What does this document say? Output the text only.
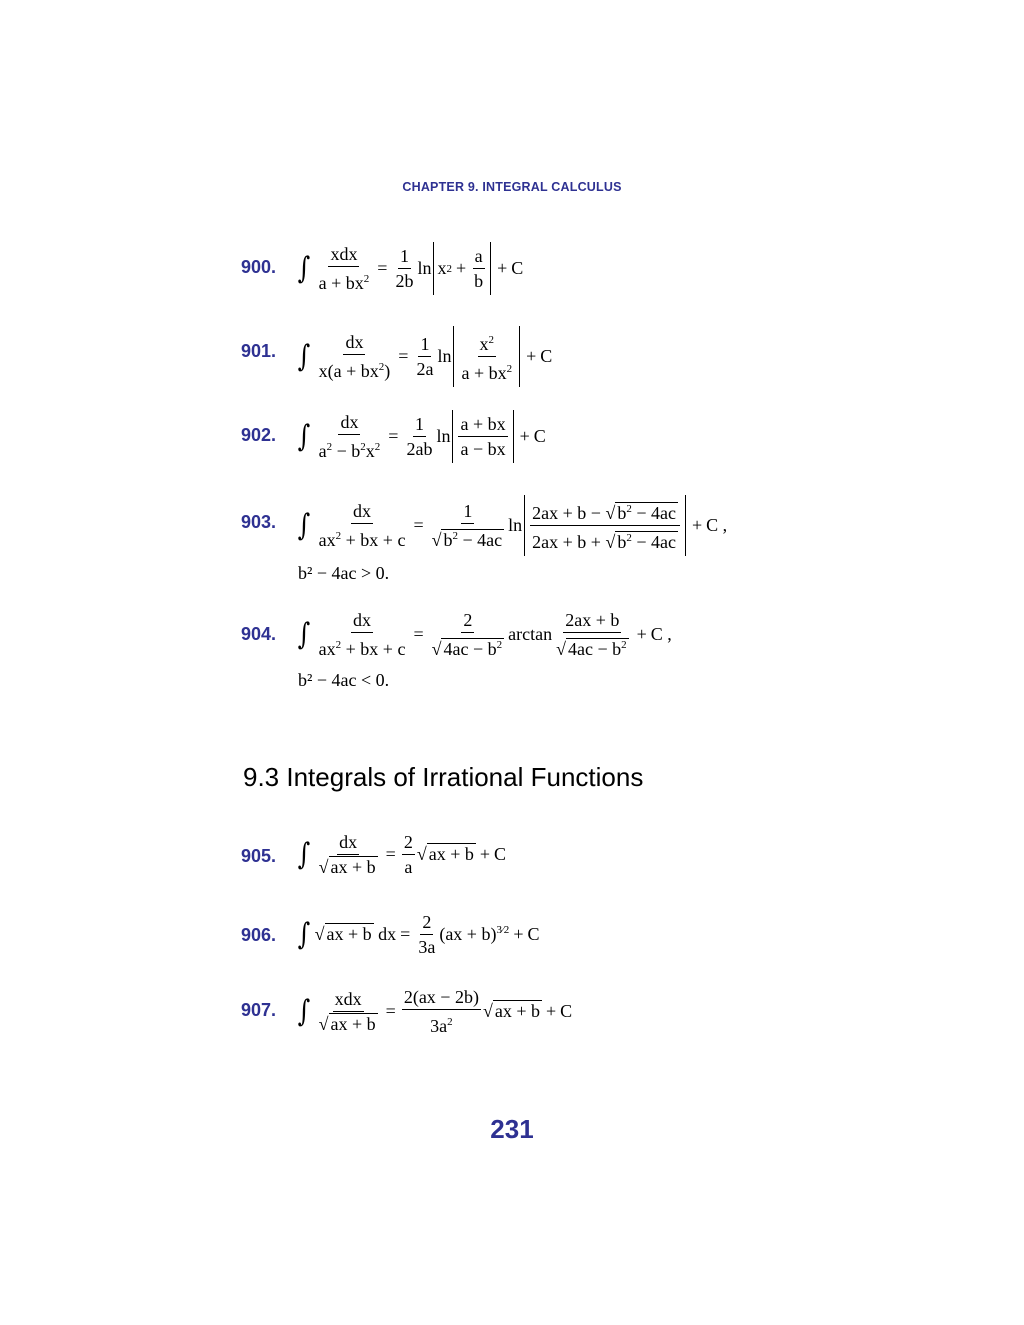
CHAPTER 9. INTEGRAL CALCULUS
900. ∫ $\frac{\text{xdx}}{a + bx^2} = \frac{1}{2b}$ ln x $2 + \frac{a}{b} + C$
901. ∫ $\frac{dx}{x(a + bx^2)} = \frac{1}{2a}$ $\ln \frac{x^2}{a + bx^2} + C$
902. ∫ $\frac{dx}{a^2 - b^2x^2} = \frac{1}{2ab}$ $\ln \frac{a + bx}{a - bx} + C$
903. ∫ $\frac{dx}{ax^2 + bx + c} = 1$
√ $b^2 - 4ac$ $\ln \frac{2ax + b - √ b^2 - 4ac}{2ax + b + √ b^2 - 4ac} + C$ ,
b² − 4ac > 0.
904. ∫ $\frac{dx}{ax^2 + bx + c} = 2$
√ $4ac - b^2$ arctan 2ax + b
√ $4ac - b^2 + C$ ,
b² − 4ac < 0.
9.3 Integrals of Irrational Functions
905. ∫ dx
√ ax + $b = \frac{2}{a}$ √ ax + b + C
906. ∫ √ ax + b dx = $\frac{2}{3a} (ax + b)^{3⁄2} + C$
907. ∫ xdx
√ ax + $b = \frac{2(ax - 2b)}{3a^2}$ √ ax + b + C
231
